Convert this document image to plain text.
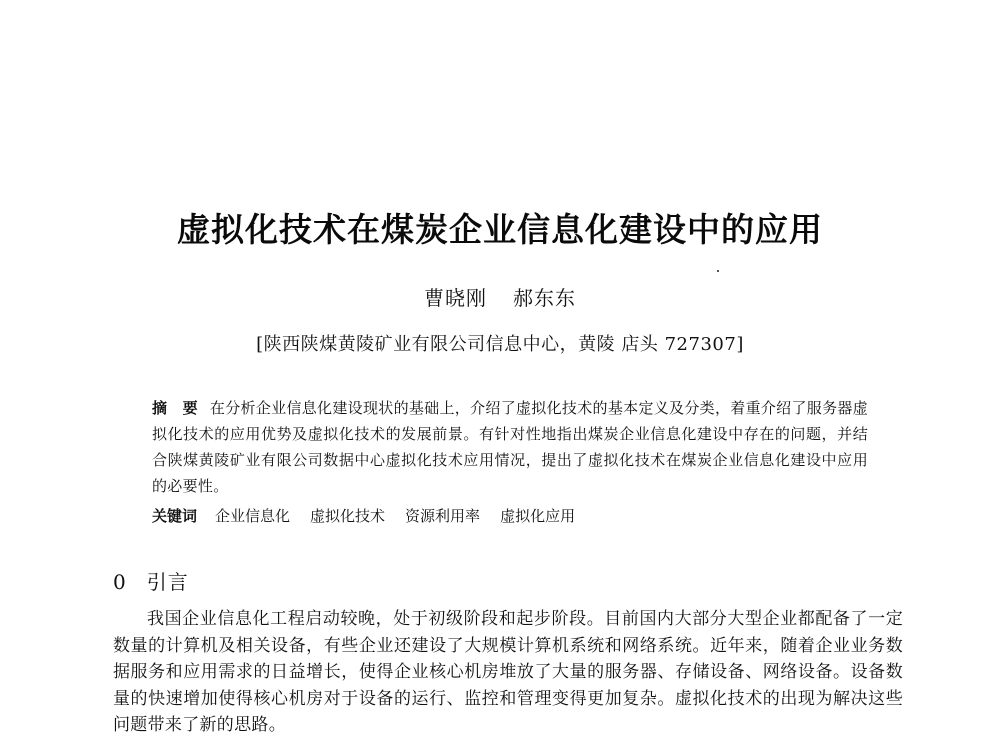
虚拟化技术在煤炭企业信息化建设中的应用
曹晓刚 郝东东
[陕西陕煤黄陵矿业有限公司信息中心，黄陵 店头 727307]
摘　要 在分析企业信息化建设现状的基础上，介绍了虚拟化技术的基本定义及分类，着重介绍了服务器虚拟化技术的应用优势及虚拟化技术的发展前景。有针对性地指出煤炭企业信息化建设中存在的问题，并结合陕煤黄陵矿业有限公司数据中心虚拟化技术应用情况，提出了虚拟化技术在煤炭企业信息化建设中应用的必要性。
关键词 企业信息化 虚拟化技术 资源利用率 虚拟化应用
0 引言

我国企业信息化工程启动较晚，处于初级阶段和起步阶段。目前国内大部分大型企业都配备了一定数量的计算机及相关设备，有些企业还建设了大规模计算机系统和网络系统。近年来，随着企业业务数据服务和应用需求的日益增长，使得企业核心机房堆放了大量的服务器、存储设备、网络设备。设备数量的快速增加使得核心机房对于设备的运行、监控和管理变得更加复杂。虚拟化技术的出现为解决这些问题带来了新的思路。
